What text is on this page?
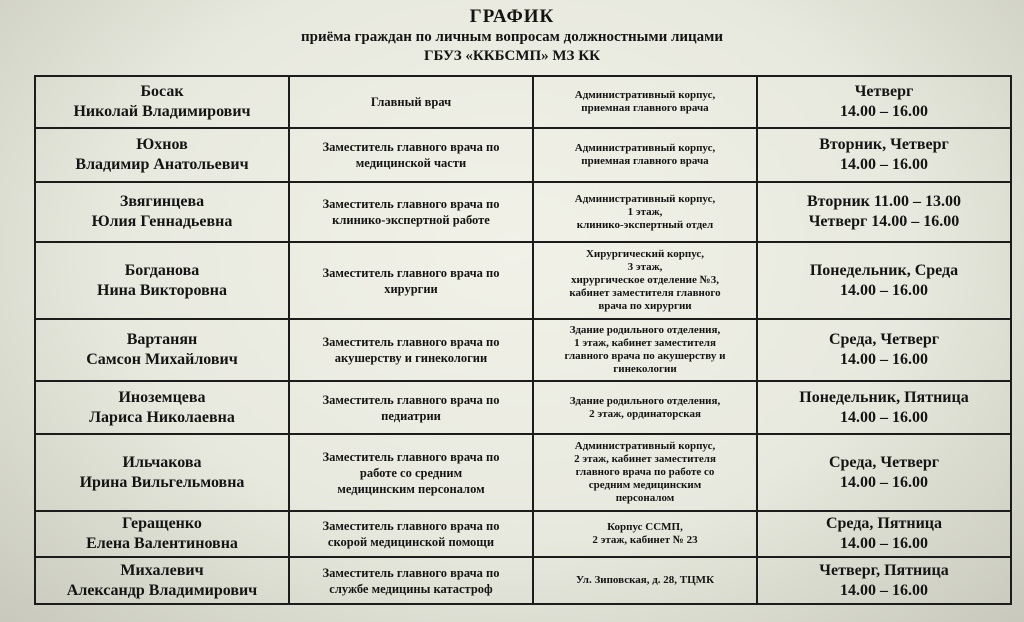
ГРАФИК
приёма граждан по личным вопросам должностными лицами
ГБУЗ «ККБСМП» МЗ КК
Босак
Николай Владимирович	Главный врач	Административный корпус,
приемная главного врача	Четверг
14.00 – 16.00

Юхнов
Владимир Анатольевич	Заместитель главного врача по
медицинской части	Административный корпус,
приемная главного врача	Вторник, Четверг
14.00 – 16.00

Звягинцева
Юлия Геннадьевна	Заместитель главного врача по
клинико-экспертной работе	Административный корпус,
1 этаж,
клинико-экспертный отдел	Вторник 11.00 – 13.00
Четверг 14.00 – 16.00

Богданова
Нина Викторовна	Заместитель главного врача по
хирургии	Хирургический корпус,
3 этаж,
хирургическое отделение №3,
кабинет заместителя главного
врача по хирургии	Понедельник, Среда
14.00 – 16.00

Вартанян
Самсон Михайлович	Заместитель главного врача по
акушерству и гинекологии	Здание родильного отделения,
1 этаж, кабинет заместителя
главного врача по акушерству и
гинекологии	Среда, Четверг
14.00 – 16.00

Иноземцева
Лариса Николаевна	Заместитель главного врача по
педиатрии	Здание родильного отделения,
2 этаж, ординаторская	Понедельник, Пятница
14.00 – 16.00

Ильчакова
Ирина Вильгельмовна	Заместитель главного врача по
работе со средним
медицинским персоналом	Административный корпус,
2 этаж, кабинет заместителя
главного врача по работе со
средним медицинским
персоналом	Среда, Четверг
14.00 – 16.00

Геращенко
Елена Валентиновна	Заместитель главного врача по
скорой медицинской помощи	Корпус ССМП,
2 этаж, кабинет № 23	Среда, Пятница
14.00 – 16.00

Михалевич
Александр Владимирович	Заместитель главного врача по
службе медицины катастроф	Ул. Зиповская, д. 28, ТЦМК	Четверг, Пятница
14.00 – 16.00
